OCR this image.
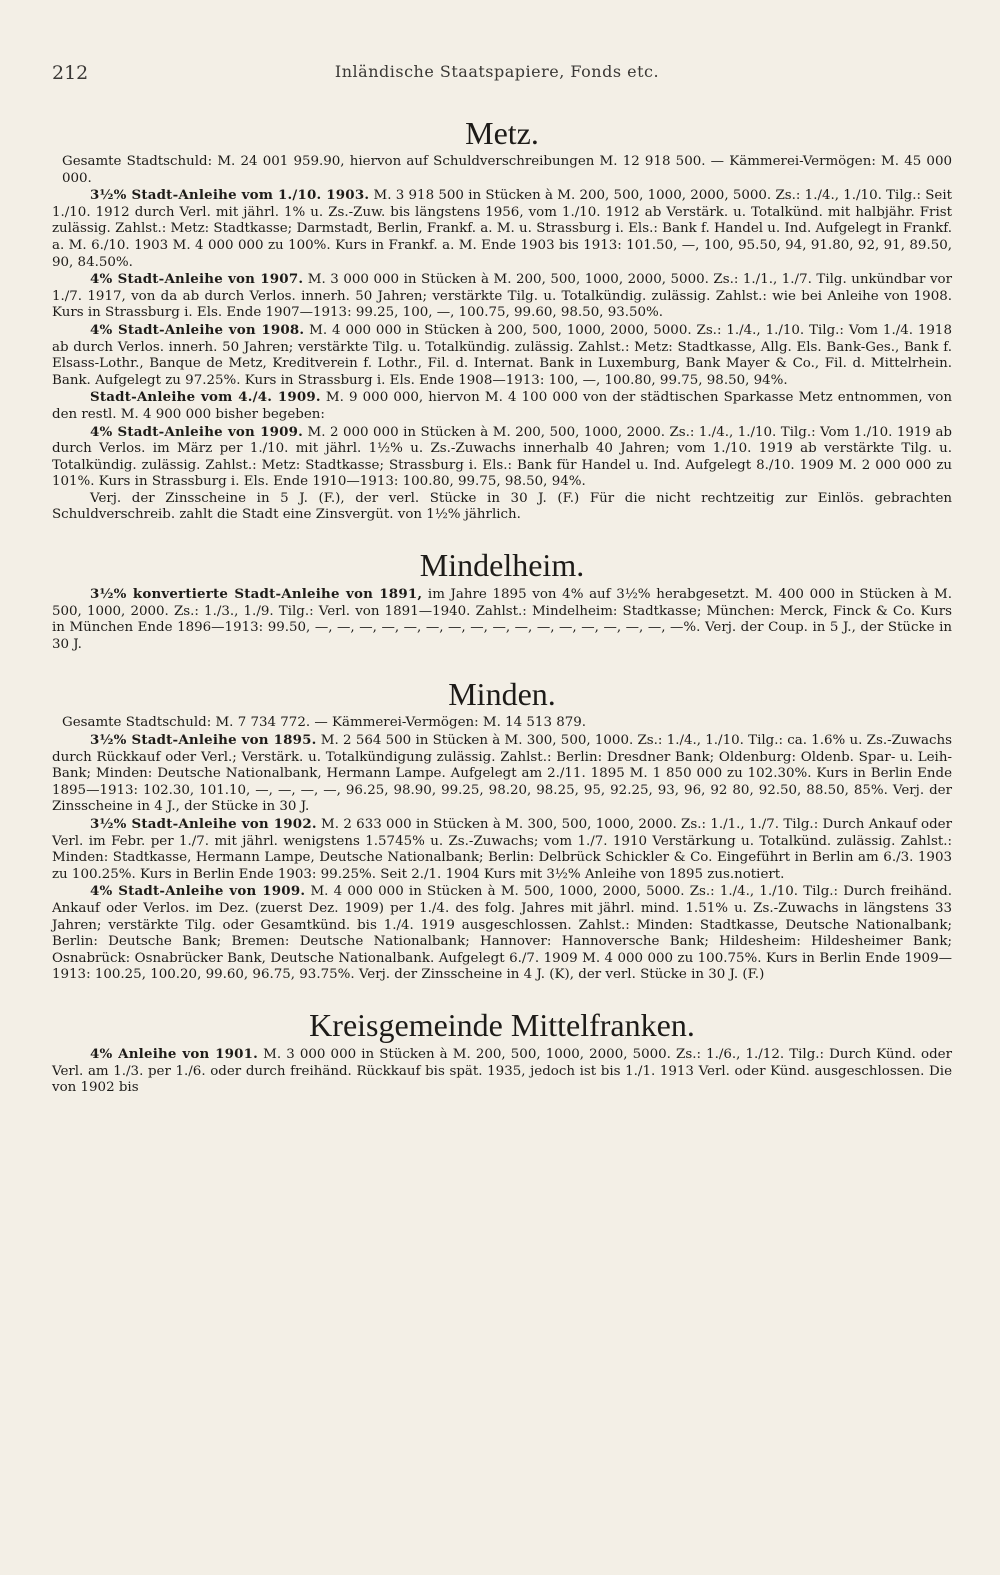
212	Inländische Staatspapiere, Fonds etc.
Metz.
Gesamte Stadtschuld: M. 24 001 959.90, hiervon auf Schuldverschreibungen M. 12 918 500. — Kämmerei-Vermögen: M. 45 000 000.

3½% Stadt-Anleihe vom 1./10. 1903. M. 3 918 500 in Stücken à M. 200, 500, 1000, 2000, 5000. Zs.: 1./4., 1./10. Tilg.: Seit 1./10. 1912 durch Verl. mit jährl. 1% u. Zs.-Zuw. bis längstens 1956, vom 1./10. 1912 ab Verstärk. u. Totalkünd. mit halbjähr. Frist zulässig. Zahlst.: Metz: Stadtkasse; Darmstadt, Berlin, Frankf. a. M. u. Strassburg i. Els.: Bank f. Handel u. Ind. Aufgelegt in Frankf. a. M. 6./10. 1903 M. 4 000 000 zu 100%. Kurs in Frankf. a. M. Ende 1903 bis 1913: 101.50, —, 100, 95.50, 94, 91.80, 92, 91, 89.50, 90, 84.50%.

4% Stadt-Anleihe von 1907. M. 3 000 000 in Stücken à M. 200, 500, 1000, 2000, 5000. Zs.: 1./1., 1./7. Tilg. unkündbar vor 1./7. 1917, von da ab durch Verlos. innerh. 50 Jahren; verstärkte Tilg. u. Totalkündig. zulässig. Zahlst.: wie bei Anleihe von 1908. Kurs in Strassburg i. Els. Ende 1907—1913: 99.25, 100, —, 100.75, 99.60, 98.50, 93.50%.

4% Stadt-Anleihe von 1908. M. 4 000 000 in Stücken à 200, 500, 1000, 2000, 5000. Zs.: 1./4., 1./10. Tilg.: Vom 1./4. 1918 ab durch Verlos. innerh. 50 Jahren; verstärkte Tilg. u. Totalkündig. zulässig. Zahlst.: Metz: Stadtkasse, Allg. Els. Bank-Ges., Bank f. Elsass-Lothr., Banque de Metz, Kreditverein f. Lothr., Fil. d. Internat. Bank in Luxemburg, Bank Mayer & Co., Fil. d. Mittelrhein. Bank. Aufgelegt zu 97.25%. Kurs in Strassburg i. Els. Ende 1908—1913: 100, —, 100.80, 99.75, 98.50, 94%.

Stadt-Anleihe vom 4./4. 1909. M. 9 000 000, hiervon M. 4 100 000 von der städtischen Sparkasse Metz entnommen, von den restl. M. 4 900 000 bisher begeben:

4% Stadt-Anleihe von 1909. M. 2 000 000 in Stücken à M. 200, 500, 1000, 2000. Zs.: 1./4., 1./10. Tilg.: Vom 1./10. 1919 ab durch Verlos. im März per 1./10. mit jährl. 1½% u. Zs.-Zuwachs innerhalb 40 Jahren; vom 1./10. 1919 ab verstärkte Tilg. u. Totalkündig. zulässig. Zahlst.: Metz: Stadtkasse; Strassburg i. Els.: Bank für Handel u. Ind. Aufgelegt 8./10. 1909 M. 2 000 000 zu 101%. Kurs in Strassburg i. Els. Ende 1910—1913: 100.80, 99.75, 98.50, 94%.

Verj. der Zinsscheine in 5 J. (F.), der verl. Stücke in 30 J. (F.) Für die nicht rechtzeitig zur Einlös. gebrachten Schuldverschreib. zahlt die Stadt eine Zinsvergüt. von 1½% jährlich.

Mindelheim.

3½% konvertierte Stadt-Anleihe von 1891, im Jahre 1895 von 4% auf 3½% herabgesetzt. M. 400 000 in Stücken à M. 500, 1000, 2000. Zs.: 1./3., 1./9. Tilg.: Verl. von 1891—1940. Zahlst.: Mindelheim: Stadtkasse; München: Merck, Finck & Co. Kurs in München Ende 1896—1913: 99.50, —, —, —, —, —, —, —, —, —, —, —, —, —, —, —, —, —%. Verj. der Coup. in 5 J., der Stücke in 30 J.

Minden.
Gesamte Stadtschuld: M. 7 734 772. — Kämmerei-Vermögen: M. 14 513 879.

3½% Stadt-Anleihe von 1895. M. 2 564 500 in Stücken à M. 300, 500, 1000. Zs.: 1./4., 1./10. Tilg.: ca. 1.6% u. Zs.-Zuwachs durch Rückkauf oder Verl.; Verstärk. u. Totalkündigung zulässig. Zahlst.: Berlin: Dresdner Bank; Oldenburg: Oldenb. Spar- u. Leih-Bank; Minden: Deutsche Nationalbank, Hermann Lampe. Aufgelegt am 2./11. 1895 M. 1 850 000 zu 102.30%. Kurs in Berlin Ende 1895—1913: 102.30, 101.10, —, —, —, —, 96.25, 98.90, 99.25, 98.20, 98.25, 95, 92.25, 93, 96, 92 80, 92.50, 88.50, 85%. Verj. der Zinsscheine in 4 J., der Stücke in 30 J.

3½% Stadt-Anleihe von 1902. M. 2 633 000 in Stücken à M. 300, 500, 1000, 2000. Zs.: 1./1., 1./7. Tilg.: Durch Ankauf oder Verl. im Febr. per 1./7. mit jährl. wenigstens 1.5745% u. Zs.-Zuwachs; vom 1./7. 1910 Verstärkung u. Totalkünd. zulässig. Zahlst.: Minden: Stadtkasse, Hermann Lampe, Deutsche Nationalbank; Berlin: Delbrück Schickler & Co. Eingeführt in Berlin am 6./3. 1903 zu 100.25%. Kurs in Berlin Ende 1903: 99.25%. Seit 2./1. 1904 Kurs mit 3½% Anleihe von 1895 zus.notiert.

4% Stadt-Anleihe von 1909. M. 4 000 000 in Stücken à M. 500, 1000, 2000, 5000. Zs.: 1./4., 1./10. Tilg.: Durch freihänd. Ankauf oder Verlos. im Dez. (zuerst Dez. 1909) per 1./4. des folg. Jahres mit jährl. mind. 1.51% u. Zs.-Zuwachs in längstens 33 Jahren; verstärkte Tilg. oder Gesamtkünd. bis 1./4. 1919 ausgeschlossen. Zahlst.: Minden: Stadtkasse, Deutsche Nationalbank; Berlin: Deutsche Bank; Bremen: Deutsche Nationalbank; Hannover: Hannoversche Bank; Hildesheim: Hildesheimer Bank; Osnabrück: Osnabrücker Bank, Deutsche Nationalbank. Aufgelegt 6./7. 1909 M. 4 000 000 zu 100.75%. Kurs in Berlin Ende 1909—1913: 100.25, 100.20, 99.60, 96.75, 93.75%. Verj. der Zinsscheine in 4 J. (K), der verl. Stücke in 30 J. (F.)

Kreisgemeinde Mittelfranken.

4% Anleihe von 1901. M. 3 000 000 in Stücken à M. 200, 500, 1000, 2000, 5000. Zs.: 1./6., 1./12. Tilg.: Durch Künd. oder Verl. am 1./3. per 1./6. oder durch freihänd. Rückkauf bis spät. 1935, jedoch ist bis 1./1. 1913 Verl. oder Künd. ausgeschlossen. Die von 1902 bis
